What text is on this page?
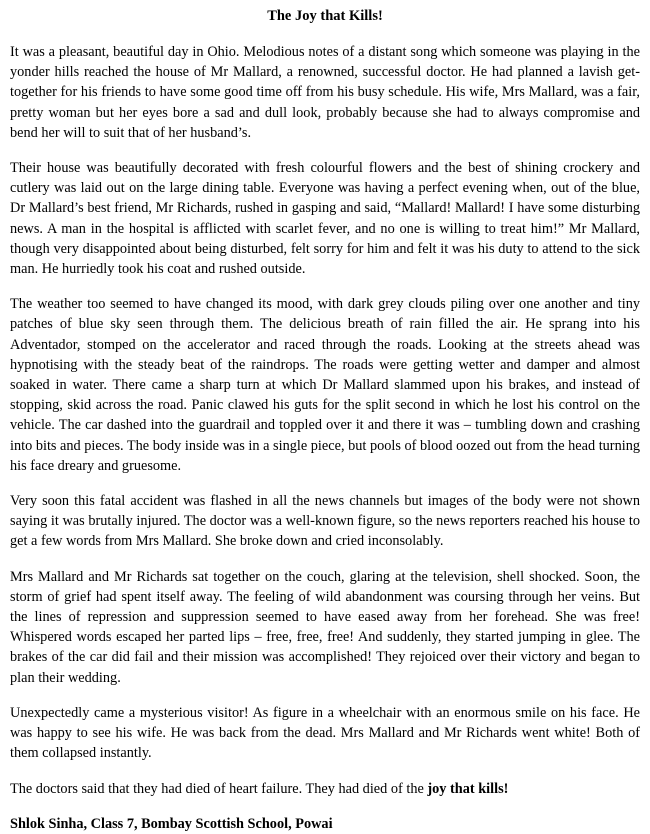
The Joy that Kills!

It was a pleasant, beautiful day in Ohio. Melodious notes of a distant song which someone was playing in the yonder hills reached the house of Mr Mallard, a renowned, successful doctor. He had planned a lavish get-together for his friends to have some good time off from his busy schedule. His wife, Mrs Mallard, was a fair, pretty woman but her eyes bore a sad and dull look, probably because she had to always compromise and bend her will to suit that of her husband’s.

Their house was beautifully decorated with fresh colourful flowers and the best of shining crockery and cutlery was laid out on the large dining table. Everyone was having a perfect evening when, out of the blue, Dr Mallard’s best friend, Mr Richards, rushed in gasping and said, “Mallard! Mallard! I have some disturbing news. A man in the hospital is afflicted with scarlet fever, and no one is willing to treat him!” Mr Mallard, though very disappointed about being disturbed, felt sorry for him and felt it was his duty to attend to the sick man. He hurriedly took his coat and rushed outside.

The weather too seemed to have changed its mood, with dark grey clouds piling over one another and tiny patches of blue sky seen through them. The delicious breath of rain filled the air. He sprang into his Adventador, stomped on the accelerator and raced through the roads. Looking at the streets ahead was hypnotising with the steady beat of the raindrops. The roads were getting wetter and damper and almost soaked in water. There came a sharp turn at which Dr Mallard slammed upon his brakes, and instead of stopping, skid across the road. Panic clawed his guts for the split second in which he lost his control on the vehicle. The car dashed into the guardrail and toppled over it and there it was – tumbling down and crashing into bits and pieces. The body inside was in a single piece, but pools of blood oozed out from the head turning his face dreary and gruesome.

Very soon this fatal accident was flashed in all the news channels but images of the body were not shown saying it was brutally injured. The doctor was a well-known figure, so the news reporters reached his house to get a few words from Mrs Mallard. She broke down and cried inconsolably.

Mrs Mallard and Mr Richards sat together on the couch, glaring at the television, shell shocked. Soon, the storm of grief had spent itself away. The feeling of wild abandonment was coursing through her veins. But the lines of repression and suppression seemed to have eased away from her forehead. She was free! Whispered words escaped her parted lips – free, free, free! And suddenly, they started jumping in glee. The brakes of the car did fail and their mission was accomplished! They rejoiced over their victory and began to plan their wedding.

Unexpectedly came a mysterious visitor! As figure in a wheelchair with an enormous smile on his face. He was happy to see his wife. He was back from the dead. Mrs Mallard and Mr Richards went white! Both of them collapsed instantly.

The doctors said that they had died of heart failure. They had died of the joy that kills!

Shlok Sinha, Class 7, Bombay Scottish School, Powai
